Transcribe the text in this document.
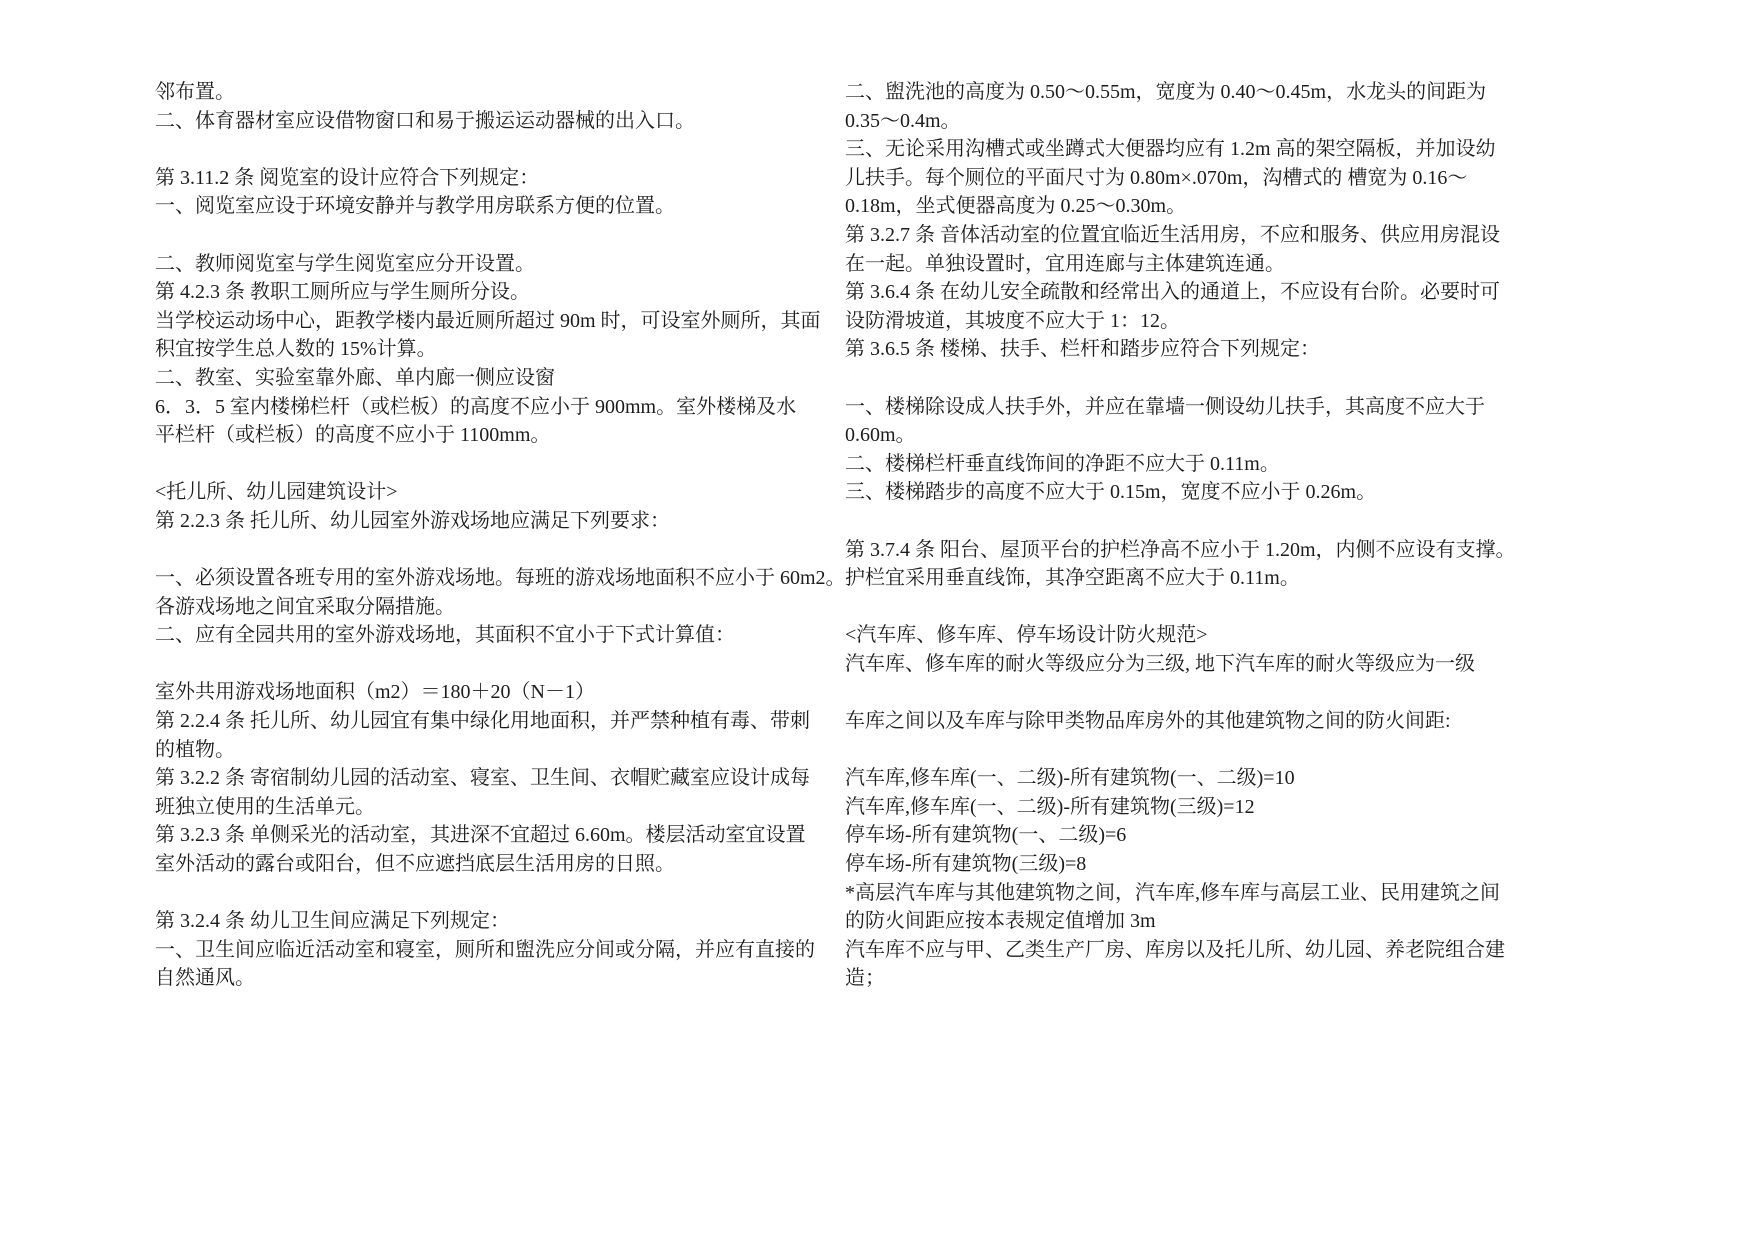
邻布置。
二、体育器材室应设借物窗口和易于搬运运动器械的出入口。

第 3.11.2 条 阅览室的设计应符合下列规定：
一、阅览室应设于环境安静并与教学用房联系方便的位置。

二、教师阅览室与学生阅览室应分开设置。
第 4.2.3 条 教职工厕所应与学生厕所分设。
当学校运动场中心，距教学楼内最近厕所超过 90m 时，可设室外厕所，其面
积宜按学生总人数的 15%计算。
二、教室、实验室靠外廊、单内廊一侧应设窗
6．3．5 室内楼梯栏杆（或栏板）的高度不应小于 900mm。室外楼梯及水
平栏杆（或栏板）的高度不应小于 1100mm。

<托儿所、幼儿园建筑设计>
第 2.2.3 条 托儿所、幼儿园室外游戏场地应满足下列要求：

一、必须设置各班专用的室外游戏场地。每班的游戏场地面积不应小于 60m2。
各游戏场地之间宜采取分隔措施。
二、应有全园共用的室外游戏场地，其面积不宜小于下式计算值：

室外共用游戏场地面积（m2）＝180＋20（N－1）
第 2.2.4 条 托儿所、幼儿园宜有集中绿化用地面积，并严禁种植有毒、带刺
的植物。
第 3.2.2 条 寄宿制幼儿园的活动室、寝室、卫生间、衣帽贮藏室应设计成每
班独立使用的生活单元。
第 3.2.3 条 单侧采光的活动室，其进深不宜超过 6.60m。楼层活动室宜设置
室外活动的露台或阳台，但不应遮挡底层生活用房的日照。

第 3.2.4 条 幼儿卫生间应满足下列规定：
一、卫生间应临近活动室和寝室，厕所和盥洗应分间或分隔，并应有直接的
自然通风。
二、盥洗池的高度为 0.50～0.55m，宽度为 0.40～0.45m，水龙头的间距为
0.35～0.4m。
三、无论采用沟槽式或坐蹲式大便器均应有 1.2m 高的架空隔板，并加设幼
儿扶手。每个厕位的平面尺寸为 0.80m×.070m，沟槽式的 槽宽为 0.16～
0.18m，坐式便器高度为 0.25～0.30m。
第 3.2.7 条 音体活动室的位置宜临近生活用房，不应和服务、供应用房混设
在一起。单独设置时，宜用连廊与主体建筑连通。
第 3.6.4 条 在幼儿安全疏散和经常出入的通道上，不应设有台阶。必要时可
设防滑坡道，其坡度不应大于 1：12。
第 3.6.5 条 楼梯、扶手、栏杆和踏步应符合下列规定：

一、楼梯除设成人扶手外，并应在靠墙一侧设幼儿扶手，其高度不应大于
0.60m。
二、楼梯栏杆垂直线饰间的净距不应大于 0.11m。
三、楼梯踏步的高度不应大于 0.15m，宽度不应小于 0.26m。

第 3.7.4 条 阳台、屋顶平台的护栏净高不应小于 1.20m，内侧不应设有支撑。
护栏宜采用垂直线饰，其净空距离不应大于 0.11m。

<汽车库、修车库、停车场设计防火规范>
汽车库、修车库的耐火等级应分为三级, 地下汽车库的耐火等级应为一级

车库之间以及车库与除甲类物品库房外的其他建筑物之间的防火间距:

汽车库,修车库(一、二级)-所有建筑物(一、二级)=10
汽车库,修车库(一、二级)-所有建筑物(三级)=12
停车场-所有建筑物(一、二级)=6
停车场-所有建筑物(三级)=8
*高层汽车库与其他建筑物之间，汽车库,修车库与高层工业、民用建筑之间
的防火间距应按本表规定值增加 3m
汽车库不应与甲、乙类生产厂房、库房以及托儿所、幼儿园、养老院组合建
造；
